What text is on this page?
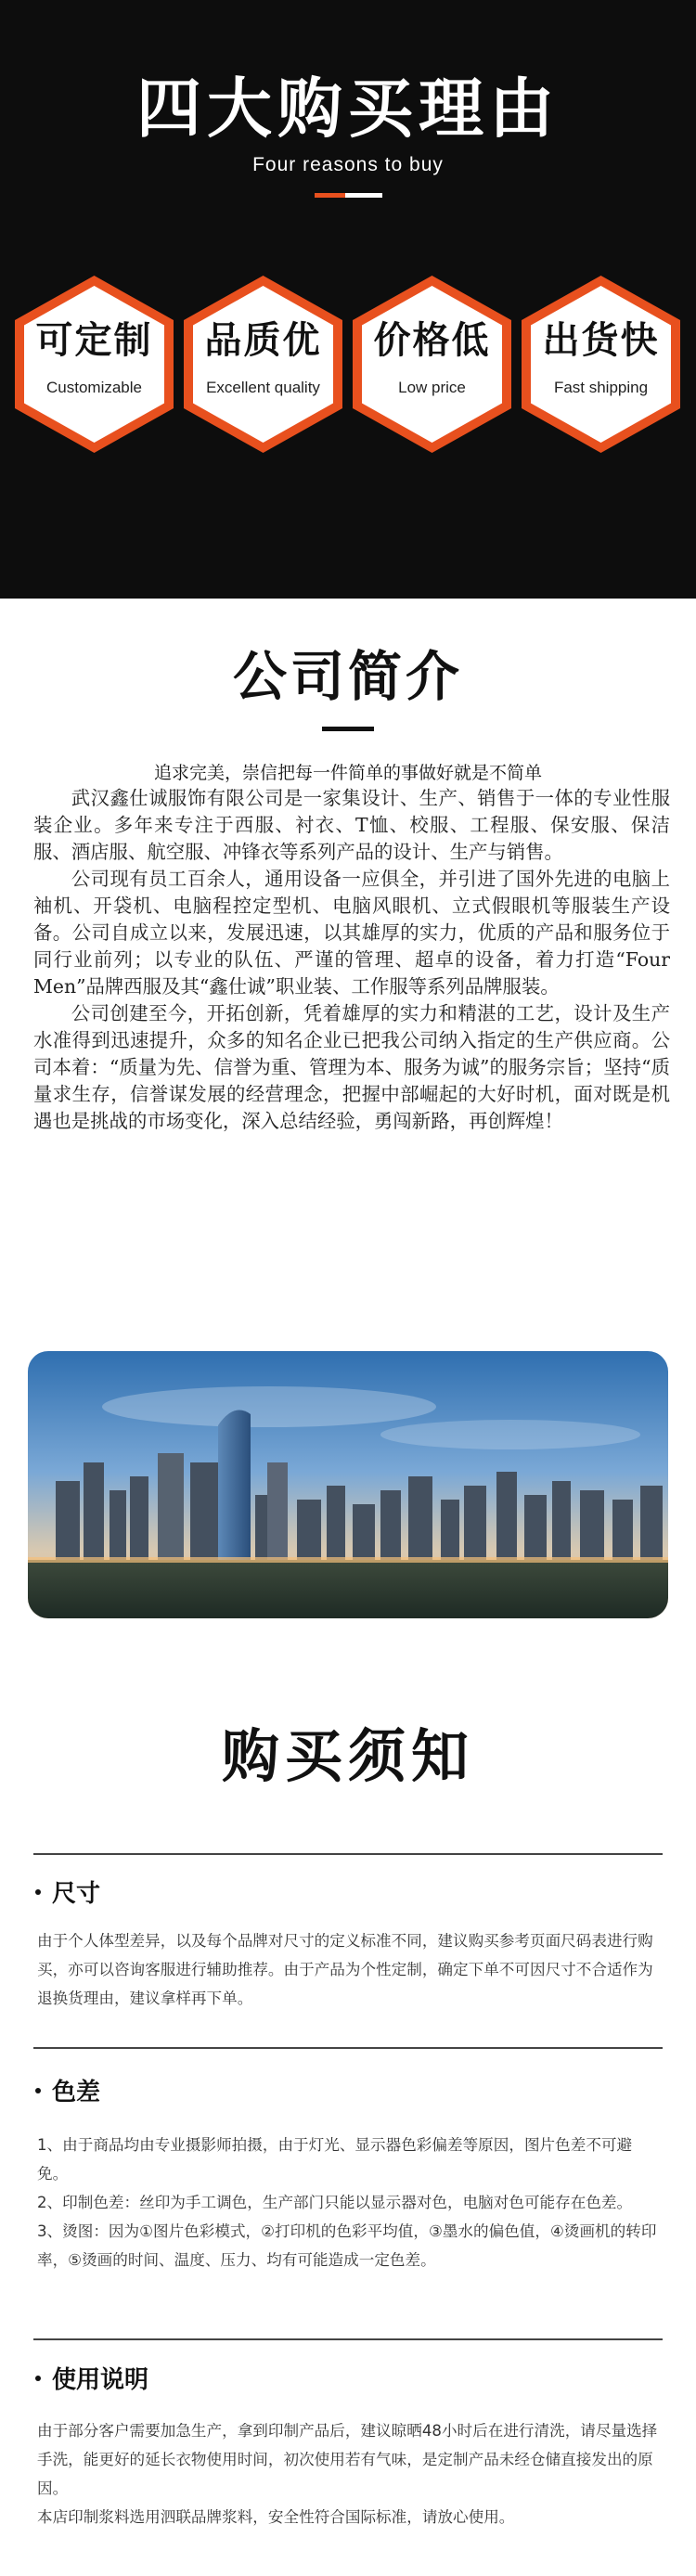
四大购买理由
Four reasons to buy
可定制
Customizable
品质优
Excellent quality
价格低
Low price
出货快
Fast shipping
公司简介
追求完美，崇信把每一件简单的事做好就是不简单

武汉鑫仕诚服饰有限公司是一家集设计、生产、销售于一体的专业性服装企业。多年来专注于西服、衬衣、T恤、校服、工程服、保安服、保洁服、酒店服、航空服、冲锋衣等系列产品的设计、生产与销售。

公司现有员工百余人，通用设备一应俱全，并引进了国外先进的电脑上袖机、开袋机、电脑程控定型机、电脑风眼机、立式假眼机等服装生产设备。公司自成立以来，发展迅速，以其雄厚的实力，优质的产品和服务位于同行业前列；以专业的队伍、严谨的管理、超卓的设备，着力打造“Four Men”品牌西服及其“鑫仕诚”职业装、工作服等系列品牌服装。

公司创建至今，开拓创新，凭着雄厚的实力和精湛的工艺，设计及生产水准得到迅速提升，众多的知名企业已把我公司纳入指定的生产供应商。公司本着：“质量为先、信誉为重、管理为本、服务为诚”的服务宗旨；坚持“质量求生存，信誉谋发展的经营理念，把握中部崛起的大好时机，面对既是机遇也是挑战的市场变化，深入总结经验，勇闯新路，再创辉煌！

购买须知
尺寸

由于个人体型差异，以及每个品牌对尺寸的定义标准不同，建议购买参考页面尺码表进行购买，亦可以咨询客服进行辅助推荐。由于产品为个性定制，确定下单不可因尺寸不合适作为退换货理由，建议拿样再下单。

色差

1、由于商品均由专业摄影师拍摄，由于灯光、显示器色彩偏差等原因，图片色差不可避免。

2、印制色差：丝印为手工调色，生产部门只能以显示器对色，电脑对色可能存在色差。

3、烫图：因为①图片色彩模式，②打印机的色彩平均值，③墨水的偏色值，④烫画机的转印率，⑤烫画的时间、温度、压力、均有可能造成一定色差。

使用说明

由于部分客户需要加急生产，拿到印制产品后，建议晾晒48小时后在进行清洗，请尽量选择手洗，能更好的延长衣物使用时间，初次使用若有气味，是定制产品未经仓储直接发出的原因。

本店印制浆料选用泗联品牌浆料，安全性符合国际标准，请放心使用。
